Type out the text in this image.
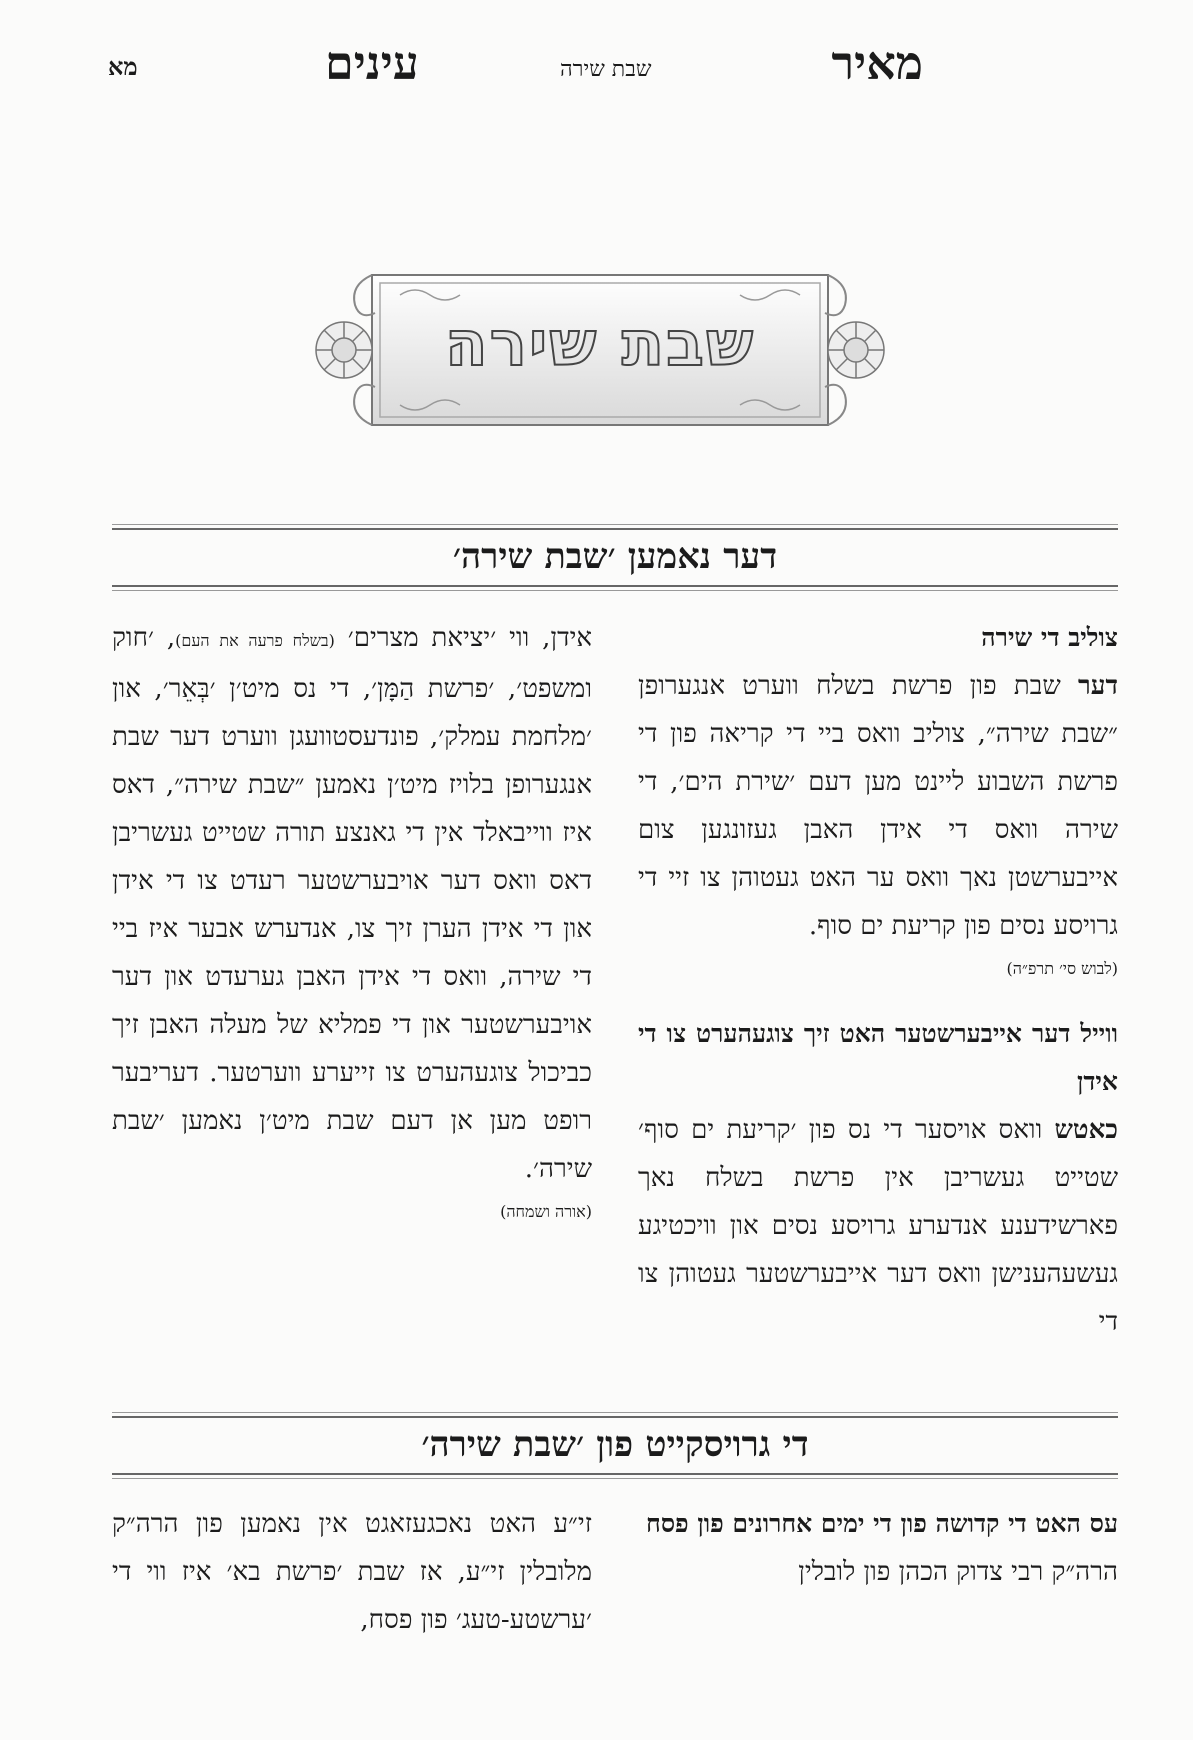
מאיר
שבת שירה
עינים
מא
שבת שירה
דער נאמען ׳שבת שירה׳
צוליב די שירה

דער שבת פון פרשת בשלח ווערט אנגערופן ״שבת שירה״, צוליב וואס ביי די קריאה פון די פרשת השבוע ליינט מען דעם ׳שירת הים׳, די שירה וואס די אידן האבן געזונגען צום אייבערשטן נאך וואס ער האט געטוהן צו זיי די גרויסע נסים פון קריעת ים סוף.

(לבוש סי׳ תרפ״ה)
ווייל דער אייבערשטער האט זיך צוגעהערט צו די אידן

כאטש וואס אויסער די נס פון ׳קריעת ים סוף׳ שטייט געשריבן אין פרשת בשלח נאך פארשידענע אנדערע גרויסע נסים און וויכטיגע געשעהענישן וואס דער אייבערשטער געטוהן צו די

אידן, ווי ׳יציאת מצרים׳ (בשלח פרעה את העם), ׳חוק ומשפט׳, ׳פרשת הַמָּן׳, די נס מיט׳ן ׳בְּאֵר׳, און ׳מלחמת עמלק׳, פונדעסטוועגן ווערט דער שבת אנגערופן בלויז מיט׳ן נאמען ״שבת שירה״, דאס איז ווייבאלד אין די גאנצע תורה שטייט געשריבן דאס וואס דער אויבערשטער רעדט צו די אידן און די אידן הערן זיך צו, אנדערש אבער איז ביי די שירה, וואס די אידן האבן גערעדט און דער אויבערשטער און די פמליא של מעלה האבן זיך כביכול צוגעהערט צו זייערע ווערטער. דעריבער רופט מען אן דעם שבת מיט׳ן נאמען ׳שבת שירה׳.

(אורה ושמחה)
די גרויסקייט פון ׳שבת שירה׳
עס האט די קדושה פון די ימים אחרונים פון פסח

הרה״ק רבי צדוק הכהן פון לובלין

זי״ע האט נאכגעזאגט אין נאמען פון הרה״ק מלובלין זי״ע, אז שבת ׳פרשת בא׳ איז ווי די ׳ערשטע-טעג׳ פון פסח,
